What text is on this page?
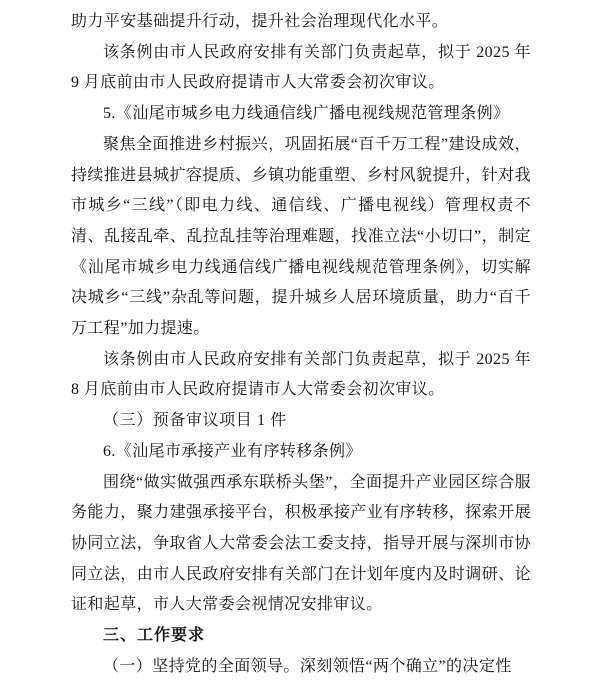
助力平安基础提升行动，提升社会治理现代化水平。

该条例由市人民政府安排有关部门负责起草，拟于 2025 年 9 月底前由市人民政府提请市人大常委会初次审议。

5.《汕尾市城乡电力线通信线广播电视线规范管理条例》

聚焦全面推进乡村振兴，巩固拓展“百千万工程”建设成效，持续推进县城扩容提质、乡镇功能重塑、乡村风貌提升，针对我市城乡“三线”（即电力线、通信线、广播电视线）管理权责不清、乱接乱牵、乱拉乱挂等治理难题，找准立法“小切口”，制定《汕尾市城乡电力线通信线广播电视线规范管理条例》，切实解决城乡“三线”杂乱等问题，提升城乡人居环境质量，助力“百千万工程”加力提速。

该条例由市人民政府安排有关部门负责起草，拟于 2025 年 8 月底前由市人民政府提请市人大常委会初次审议。

（三）预备审议项目 1 件

6.《汕尾市承接产业有序转移条例》

围绕“做实做强西承东联桥头堡”，全面提升产业园区综合服务能力，聚力建强承接平台，积极承接产业有序转移，探索开展协同立法，争取省人大常委会法工委支持，指导开展与深圳市协同立法，由市人民政府安排有关部门在计划年度内及时调研、论证和起草，市人大常委会视情况安排审议。

三、工作要求

（一）坚持党的全面领导。深刻领悟“两个确立”的决定性
